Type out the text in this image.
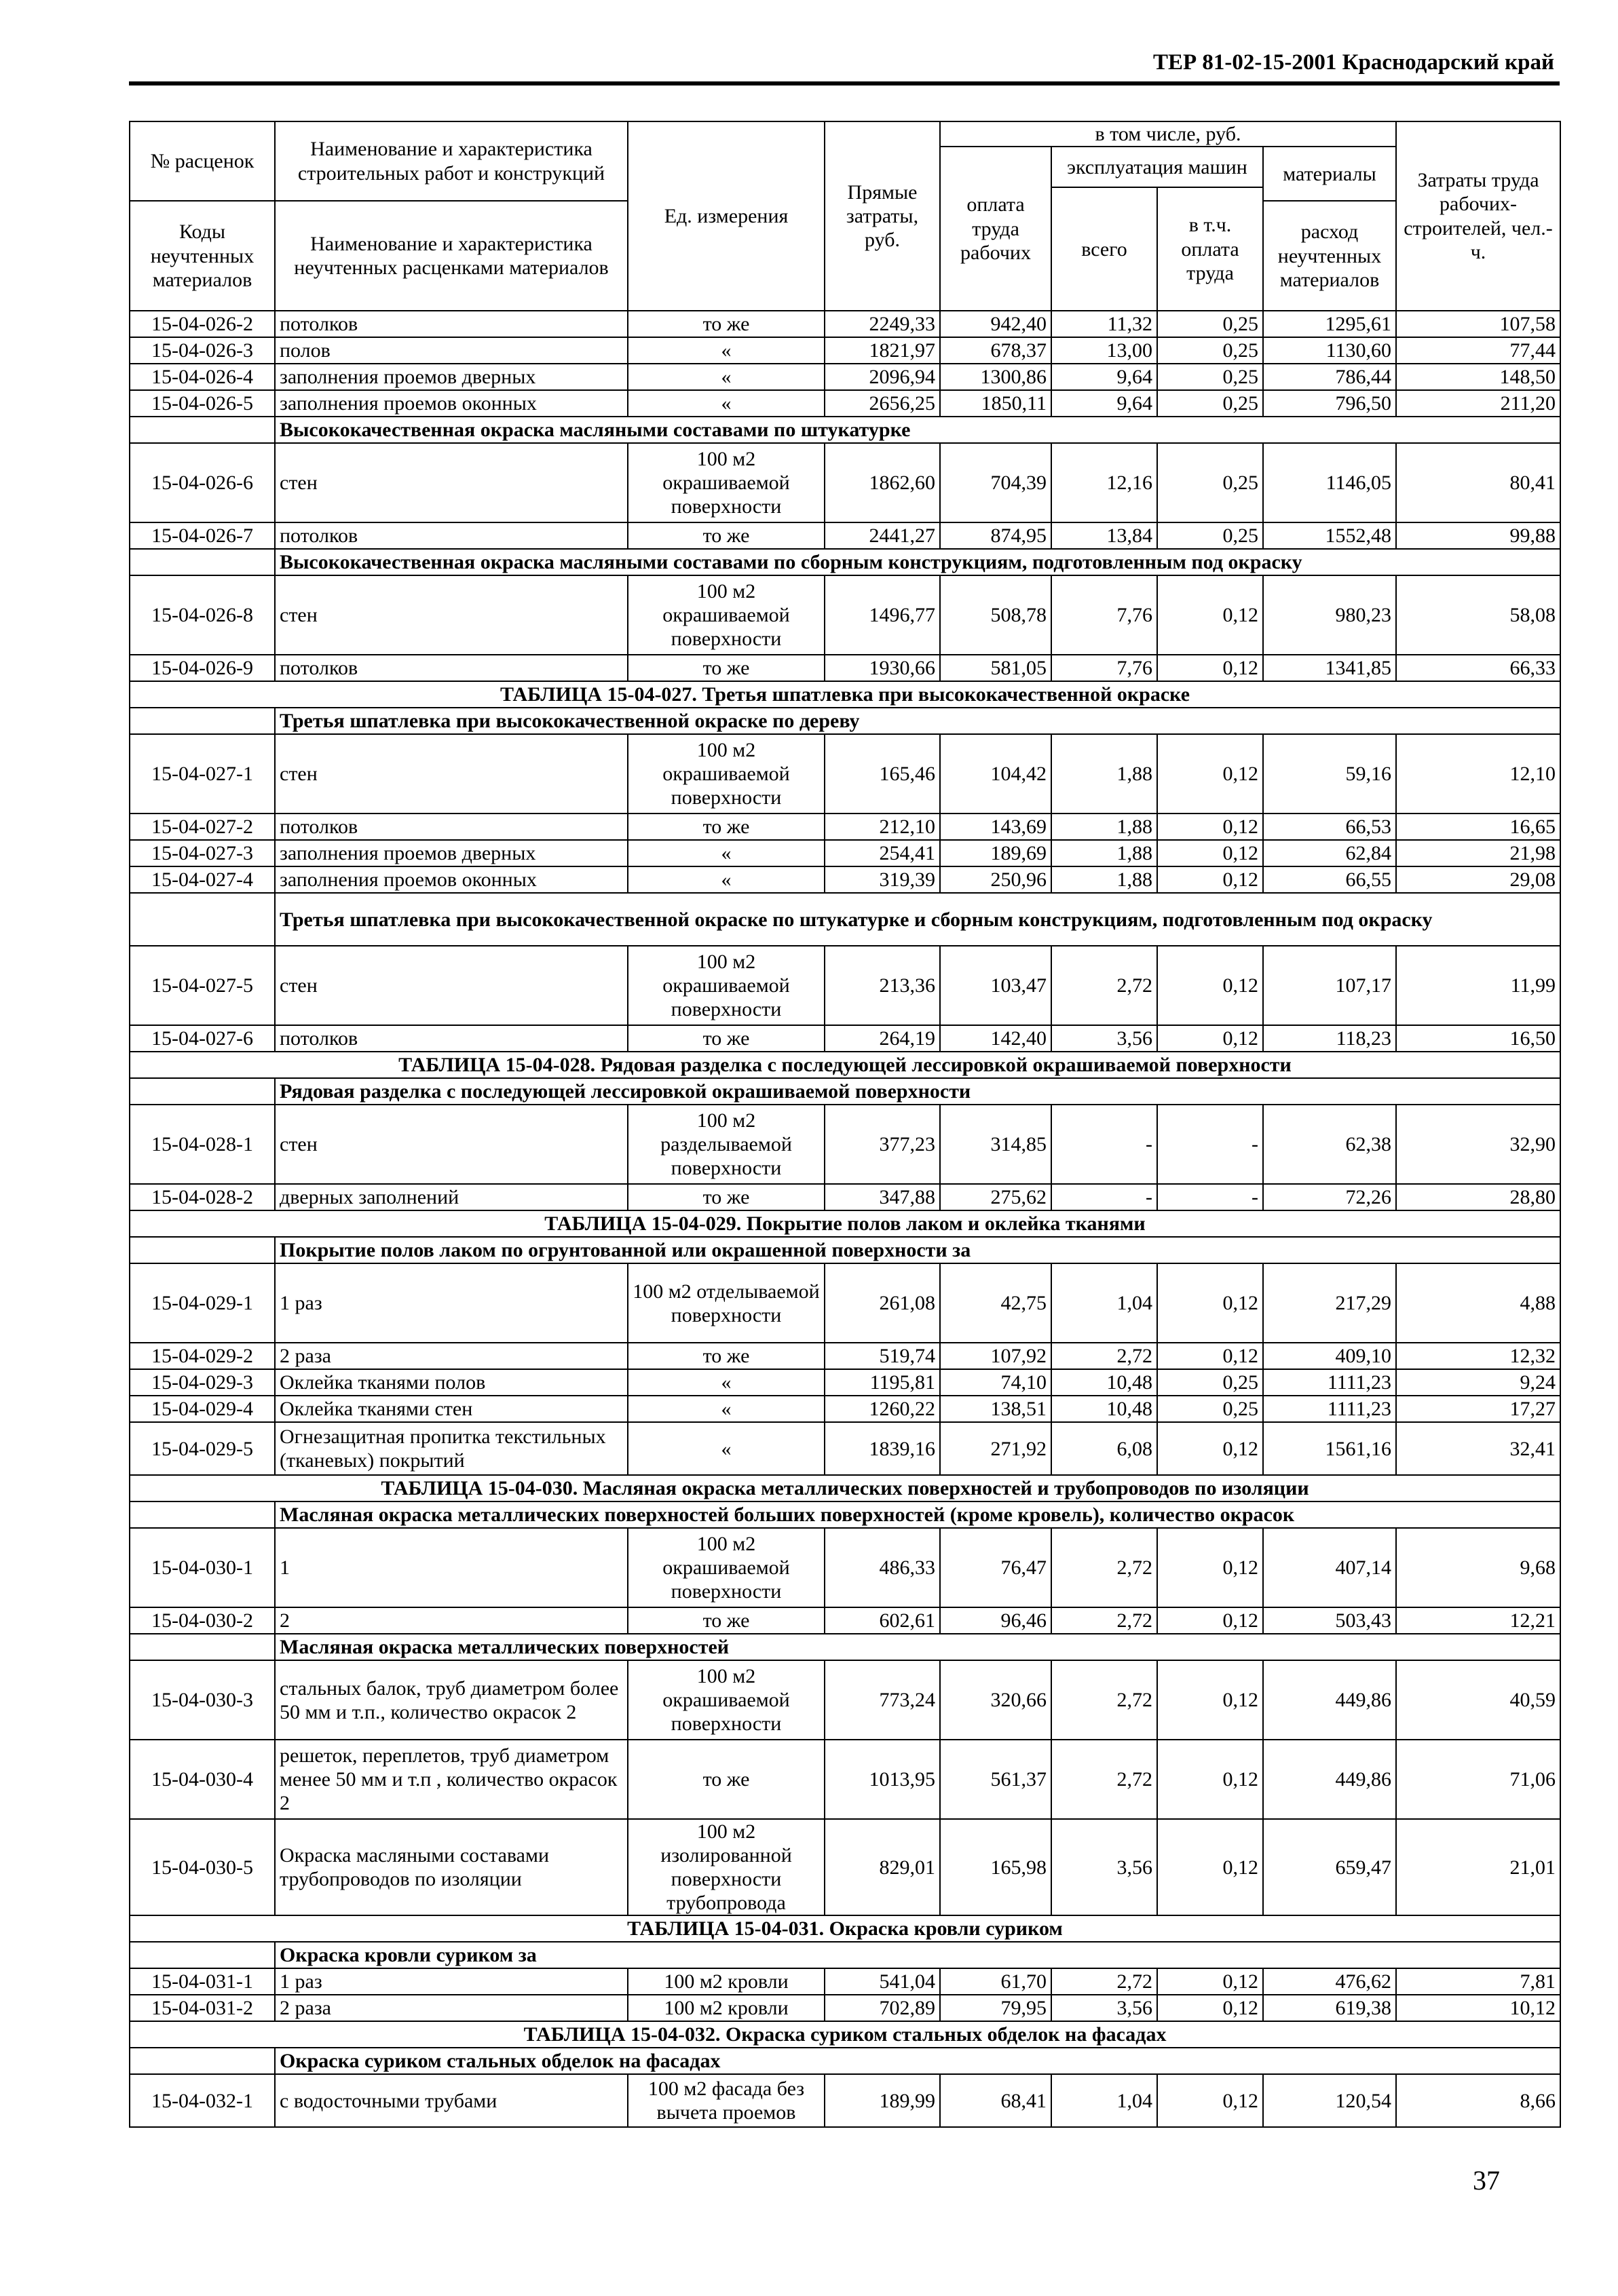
ТЕР 81-02-15-2001 Краснодарский край
№ расценок	Наименование и характеристика строительных работ и конструкций	Ед. измерения	Прямые затраты, руб.	в том числе, руб.				Затраты труда рабочих-строителей, чел.-ч.
				оплата труда рабочих	эксплуатация машин		материалы	
					всего	в т.ч. оплата труда		
Коды неучтенных материалов	Наименование и характеристика неучтенных расценками материалов						расход неучтенных материалов	

15-04-026-2	потолков	то же	2249,33	942,40	11,32	0,25	1295,61	107,58
15-04-026-3	полов	«	1821,97	678,37	13,00	0,25	1130,60	77,44
15-04-026-4	заполнения проемов дверных	«	2096,94	1300,86	9,64	0,25	786,44	148,50
15-04-026-5	заполнения проемов оконных	«	2656,25	1850,11	9,64	0,25	796,50	211,20
	Высококачественная окраска масляными составами по штукатурке							
15-04-026-6	стен	100 м2 окрашиваемой поверхности	1862,60	704,39	12,16	0,25	1146,05	80,41
15-04-026-7	потолков	то же	2441,27	874,95	13,84	0,25	1552,48	99,88
	Высококачественная окраска масляными составами по сборным конструкциям, подготовленным под окраску							
15-04-026-8	стен	100 м2 окрашиваемой поверхности	1496,77	508,78	7,76	0,12	980,23	58,08
15-04-026-9	потолков	то же	1930,66	581,05	7,76	0,12	1341,85	66,33
ТАБЛИЦА 15-04-027. Третья шпатлевка при высококачественной окраске								
	Третья шпатлевка при высококачественной окраске по дереву							
15-04-027-1	стен	100 м2 окрашиваемой поверхности	165,46	104,42	1,88	0,12	59,16	12,10
15-04-027-2	потолков	то же	212,10	143,69	1,88	0,12	66,53	16,65
15-04-027-3	заполнения проемов дверных	«	254,41	189,69	1,88	0,12	62,84	21,98
15-04-027-4	заполнения проемов оконных	«	319,39	250,96	1,88	0,12	66,55	29,08
	Третья шпатлевка при высококачественной окраске по штукатурке и сборным конструкциям, подготовленным под окраску							
15-04-027-5	стен	100 м2 окрашиваемой поверхности	213,36	103,47	2,72	0,12	107,17	11,99
15-04-027-6	потолков	то же	264,19	142,40	3,56	0,12	118,23	16,50
ТАБЛИЦА 15-04-028. Рядовая разделка с последующей лессировкой окрашиваемой поверхности								
	Рядовая разделка с последующей лессировкой окрашиваемой поверхности							
15-04-028-1	стен	100 м2 разделываемой поверхности	377,23	314,85	-	-	62,38	32,90
15-04-028-2	дверных заполнений	то же	347,88	275,62	-	-	72,26	28,80
ТАБЛИЦА 15-04-029. Покрытие полов лаком и оклейка тканями								
	Покрытие полов лаком по огрунтованной или окрашенной поверхности за							
15-04-029-1	1 раз	100 м2 отделываемой поверхности	261,08	42,75	1,04	0,12	217,29	4,88
15-04-029-2	2 раза	то же	519,74	107,92	2,72	0,12	409,10	12,32
15-04-029-3	Оклейка тканями полов	«	1195,81	74,10	10,48	0,25	1111,23	9,24
15-04-029-4	Оклейка тканями стен	«	1260,22	138,51	10,48	0,25	1111,23	17,27
15-04-029-5	Огнезащитная пропитка текстильных (тканевых) покрытий	«	1839,16	271,92	6,08	0,12	1561,16	32,41
ТАБЛИЦА 15-04-030. Масляная окраска металлических поверхностей и трубопроводов по изоляции								
	Масляная окраска металлических поверхностей больших поверхностей (кроме кровель), количество окрасок							
15-04-030-1	1	100 м2 окрашиваемой поверхности	486,33	76,47	2,72	0,12	407,14	9,68
15-04-030-2	2	то же	602,61	96,46	2,72	0,12	503,43	12,21
	Масляная окраска металлических поверхностей							
15-04-030-3	стальных балок, труб диаметром более 50 мм и т.п., количество окрасок 2	100 м2 окрашиваемой поверхности	773,24	320,66	2,72	0,12	449,86	40,59
15-04-030-4	решеток, переплетов, труб диаметром менее 50 мм и т.п , количество окрасок 2	то же	1013,95	561,37	2,72	0,12	449,86	71,06
15-04-030-5	Окраска масляными составами трубопроводов по изоляции	100 м2 изолированной поверхности трубопровода	829,01	165,98	3,56	0,12	659,47	21,01
ТАБЛИЦА 15-04-031. Окраска кровли суриком								
	Окраска кровли суриком за							
15-04-031-1	1 раз	100 м2 кровли	541,04	61,70	2,72	0,12	476,62	7,81
15-04-031-2	2 раза	100 м2 кровли	702,89	79,95	3,56	0,12	619,38	10,12
ТАБЛИЦА 15-04-032. Окраска суриком стальных обделок на фасадах								
	Окраска суриком стальных обделок на фасадах							
15-04-032-1	с водосточными трубами	100 м2 фасада без вычета проемов	189,99	68,41	1,04	0,12	120,54	8,66
37
